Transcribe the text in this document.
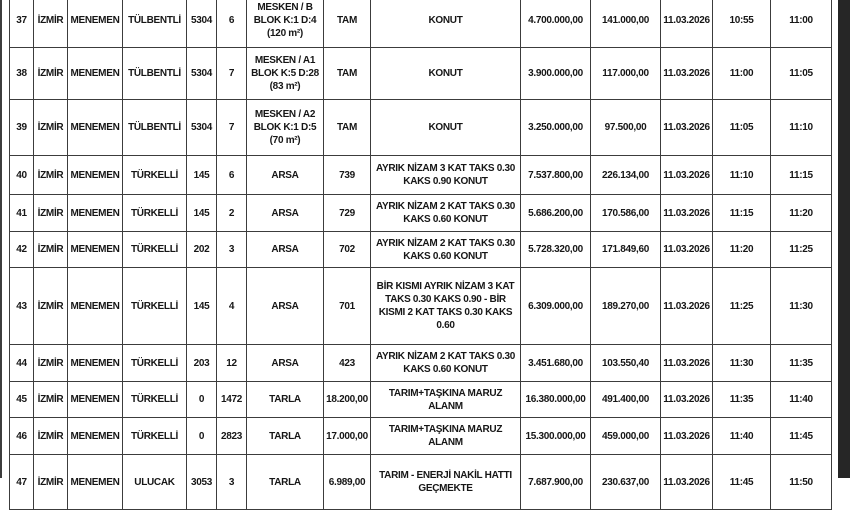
37	İZMİR	MENEMEN	TÜLBENTLİ	5304	6	MESKEN / B BLOK K:1 D:4 (120 m²)	TAM	KONUT	4.700.000,00	141.000,00	11.03.2026	10:55	11:00
38	İZMİR	MENEMEN	TÜLBENTLİ	5304	7	MESKEN / A1 BLOK K:5 D:28 (83 m²)	TAM	KONUT	3.900.000,00	117.000,00	11.03.2026	11:00	11:05
39	İZMİR	MENEMEN	TÜLBENTLİ	5304	7	MESKEN / A2 BLOK K:1 D:5 (70 m²)	TAM	KONUT	3.250.000,00	97.500,00	11.03.2026	11:05	11:10
40	İZMİR	MENEMEN	TÜRKELLİ	145	6	ARSA	739	AYRIK NİZAM 3 KAT TAKS 0.30 KAKS 0.90 KONUT	7.537.800,00	226.134,00	11.03.2026	11:10	11:15
41	İZMİR	MENEMEN	TÜRKELLİ	145	2	ARSA	729	AYRIK NİZAM 2 KAT TAKS 0.30 KAKS 0.60 KONUT	5.686.200,00	170.586,00	11.03.2026	11:15	11:20
42	İZMİR	MENEMEN	TÜRKELLİ	202	3	ARSA	702	AYRIK NİZAM 2 KAT TAKS 0.30 KAKS 0.60 KONUT	5.728.320,00	171.849,60	11.03.2026	11:20	11:25
43	İZMİR	MENEMEN	TÜRKELLİ	145	4	ARSA	701	BİR KISMI AYRIK NİZAM 3 KAT TAKS 0.30 KAKS 0.90 - BİR KISMI 2 KAT TAKS 0.30 KAKS 0.60	6.309.000,00	189.270,00	11.03.2026	11:25	11:30
44	İZMİR	MENEMEN	TÜRKELLİ	203	12	ARSA	423	AYRIK NİZAM 2 KAT TAKS 0.30 KAKS 0.60 KONUT	3.451.680,00	103.550,40	11.03.2026	11:30	11:35
45	İZMİR	MENEMEN	TÜRKELLİ	0	1472	TARLA	18.200,00	TARIM+TAŞKINA MARUZ ALANM	16.380.000,00	491.400,00	11.03.2026	11:35	11:40
46	İZMİR	MENEMEN	TÜRKELLİ	0	2823	TARLA	17.000,00	TARIM+TAŞKINA MARUZ ALANM	15.300.000,00	459.000,00	11.03.2026	11:40	11:45
47	İZMİR	MENEMEN	ULUCAK	3053	3	TARLA	6.989,00	TARIM - ENERJİ NAKİL HATTI GEÇMEKTE	7.687.900,00	230.637,00	11.03.2026	11:45	11:50
